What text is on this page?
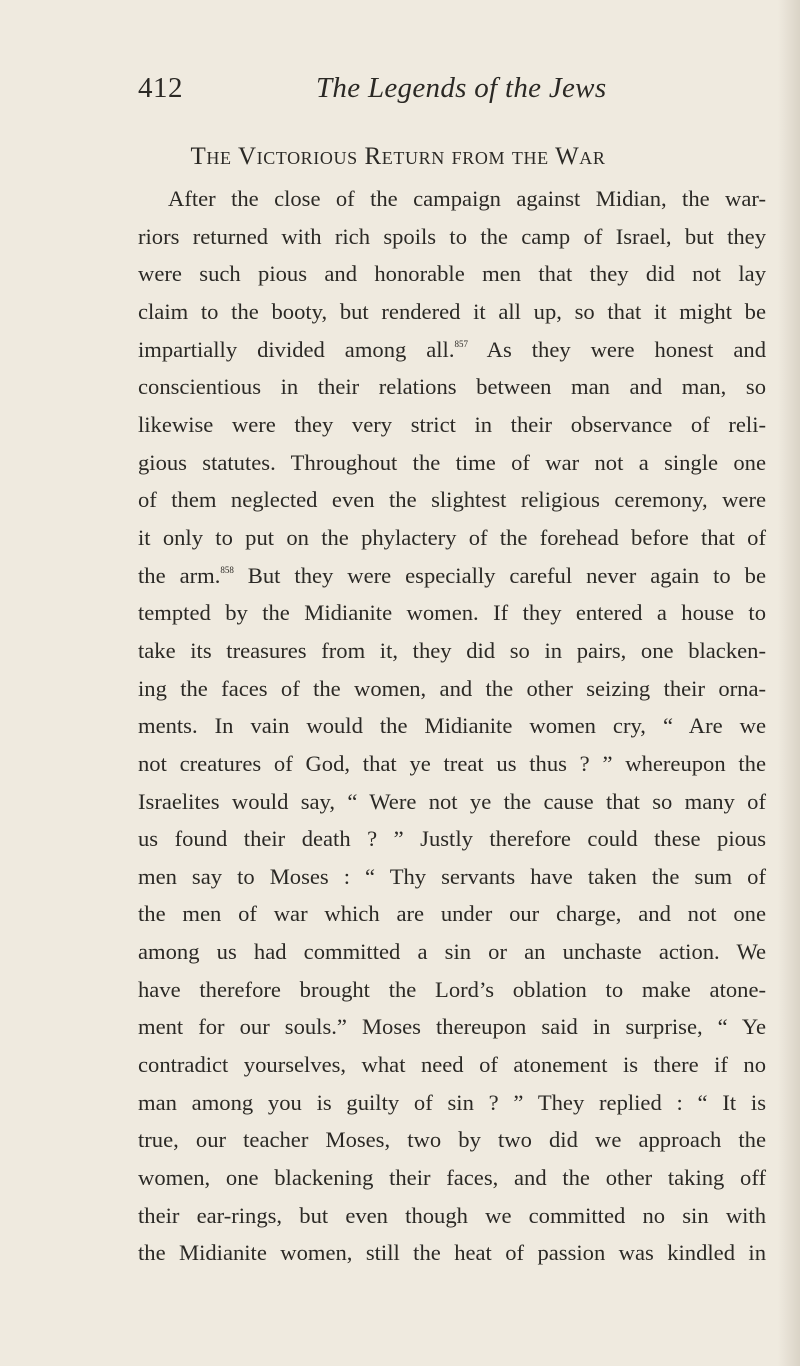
412	The Legends of the Jews
The Victorious Return from the War
After the close of the campaign against Midian, the war-
riors returned with rich spoils to the camp of Israel, but they
were such pious and honorable men that they did not lay
claim to the booty, but rendered it all up, so that it might be
impartially divided among all.$^{857}$ As they were honest and
conscientious in their relations between man and man, so
likewise were they very strict in their observance of reli-
gious statutes. Throughout the time of war not a single one
of them neglected even the slightest religious ceremony, were
it only to put on the phylactery of the forehead before that of
the arm.$^{858}$ But they were especially careful never again to be
tempted by the Midianite women. If they entered a house to
take its treasures from it, they did so in pairs, one blacken-
ing the faces of the women, and the other seizing their orna-
ments. In vain would the Midianite women cry, “ Are we
not creatures of God, that ye treat us thus ? ” whereupon the
Israelites would say, “ Were not ye the cause that so many of
us found their death ? ” Justly therefore could these pious
men say to Moses : “ Thy servants have taken the sum of
the men of war which are under our charge, and not one
among us had committed a sin or an unchaste action. We
have therefore brought the Lord’s oblation to make atone-
ment for our souls.” Moses thereupon said in surprise, “ Ye
contradict yourselves, what need of atonement is there if no
man among you is guilty of sin ? ” They replied : “ It is
true, our teacher Moses, two by two did we approach the
women, one blackening their faces, and the other taking off
their ear-rings, but even though we committed no sin with
the Midianite women, still the heat of passion was kindled in
